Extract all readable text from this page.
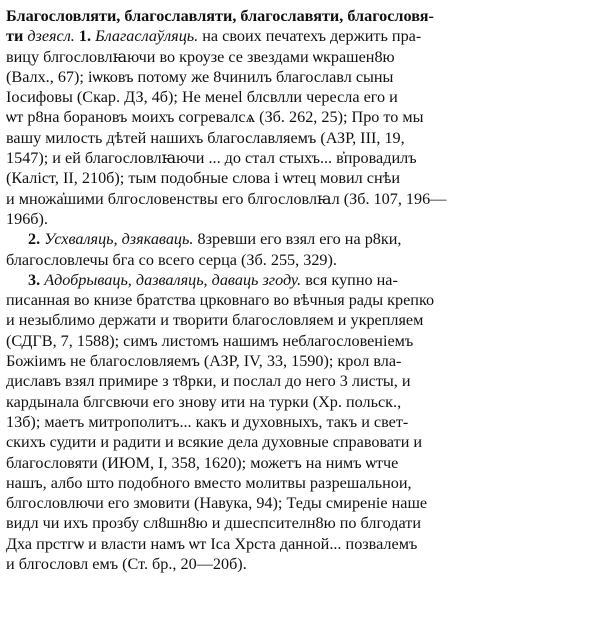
Благословляти, благославляти, благославяти, благословя-
ти дзеясл. 1. Благаслаўляць. на своих печатехъ держить пра-
вицу блгословлꙗючи во кроузе се звездами ѡкрашен8ю
(Валх., 67); iѡковъ потому же 8чинилъ благославл сыны
Iосифовы (Скар. ДЗ, 4б); Не менеl блсвлли чересла его и
ѡт р8на борановъ моихъ согревалсѧ (Зб. 262, 25); Про то мы
вашу милость дѣтей нашихъ благославляемъ (АЗР, III, 19,
1547); и ей благословлꙗючи ... до стал стыхъ... в҆провадилъ
(Калiст, II, 210б); тым подобные слова i ѡтец мовил снѣи
и множа҆шими блгословенствы его блгословлꙗл (Зб. 107, 196—
196б).
2. Усхваляць, дзякаваць. 8зревши его взял его на р8ки,
благословлечы бга со всего серца (Зб. 255, 329).
3. Адобрываць, дазваляць, даваць згоду. вся купно на-
писанная во книзе братства црковнаго во вѣчныя рады крепко
и незыблимо держати и творити благословляем и укрепляем
(СДГВ, 7, 1588); симъ листомъ нашимъ неблагословенiемъ
Божiимъ не благословляемъ (АЗР, IV, 33, 1590); крол вла-
диславъ взял примире з т8рки, и послал до него 3 листы, и
кардынала блгсвючи его знову ити на турки (Хр. польск.,
13б); маетъ митрополитъ... какъ и духовныхъ, такъ и свет-
скихъ судити и радити и всякие дела духовные справовати и
благословяти (ИЮМ, I, 358, 1620); можетъ на нимъ ѡтче
нашъ, албо што подобного вместо молитвы разрешальнои,
блгословлючи его змовити (Навука, 94); Теды смиренiе наше
видл чи ихъ прозбу сл8шн8ю и дшеспсителн8ю по блгодати
Дха прстгѡ и власти намъ ѡт Iса Хрста данной... позвалемъ
и блгословл емъ (Ст. бр., 20—20б).
